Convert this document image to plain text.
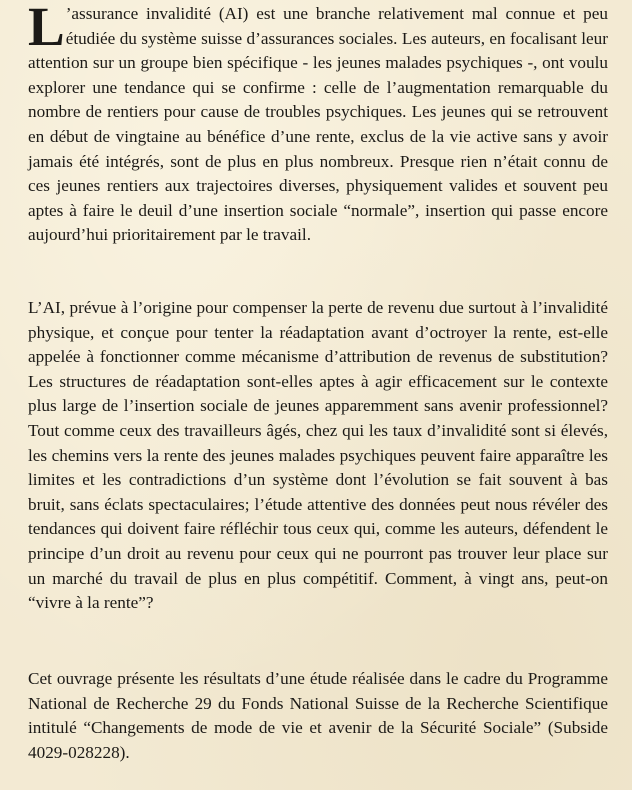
L ’assurance invalidité (AI) est une branche relativement mal connue et peu étudiée du système suisse d’assurances sociales. Les auteurs, en focalisant leur attention sur un groupe bien spécifique - les jeunes malades psychiques -, ont voulu explorer une tendance qui se confirme : celle de l’augmentation remarquable du nombre de rentiers pour cause de troubles psychiques. Les jeunes qui se retrouvent en début de vingtaine au bénéfice d’une rente, exclus de la vie active sans y avoir jamais été intégrés, sont de plus en plus nombreux. Presque rien n’était connu de ces jeunes rentiers aux trajectoires diverses, physiquement valides et souvent peu aptes à faire le deuil d’une insertion sociale “normale”, insertion qui passe encore aujourd’hui prioritairement par le travail.

L’AI, prévue à l’origine pour compenser la perte de revenu due surtout à l’invalidité physique, et conçue pour tenter la réadaptation avant d’octroyer la rente, est-elle appelée à fonctionner comme mécanisme d’attribution de revenus de substitution? Les structures de réadaptation sont-elles aptes à agir efficacement sur le contexte plus large de l’insertion sociale de jeunes apparemment sans avenir professionnel? Tout comme ceux des travailleurs âgés, chez qui les taux d’invalidité sont si élevés, les chemins vers la rente des jeunes malades psychiques peuvent faire apparaître les limites et les contradictions d’un système dont l’évolution se fait souvent à bas bruit, sans éclats spectaculaires; l’étude attentive des données peut nous révéler des tendances qui doivent faire réfléchir tous ceux qui, comme les auteurs, défendent le principe d’un droit au revenu pour ceux qui ne pourront pas trouver leur place sur un marché du travail de plus en plus compétitif. Comment, à vingt ans, peut-on “vivre à la rente”?

Cet ouvrage présente les résultats d’une étude réalisée dans le cadre du Programme National de Recherche 29 du Fonds National Suisse de la Recherche Scientifique intitulé “Changements de mode de vie et avenir de la Sécurité Sociale” (Subside 4029-028228).
